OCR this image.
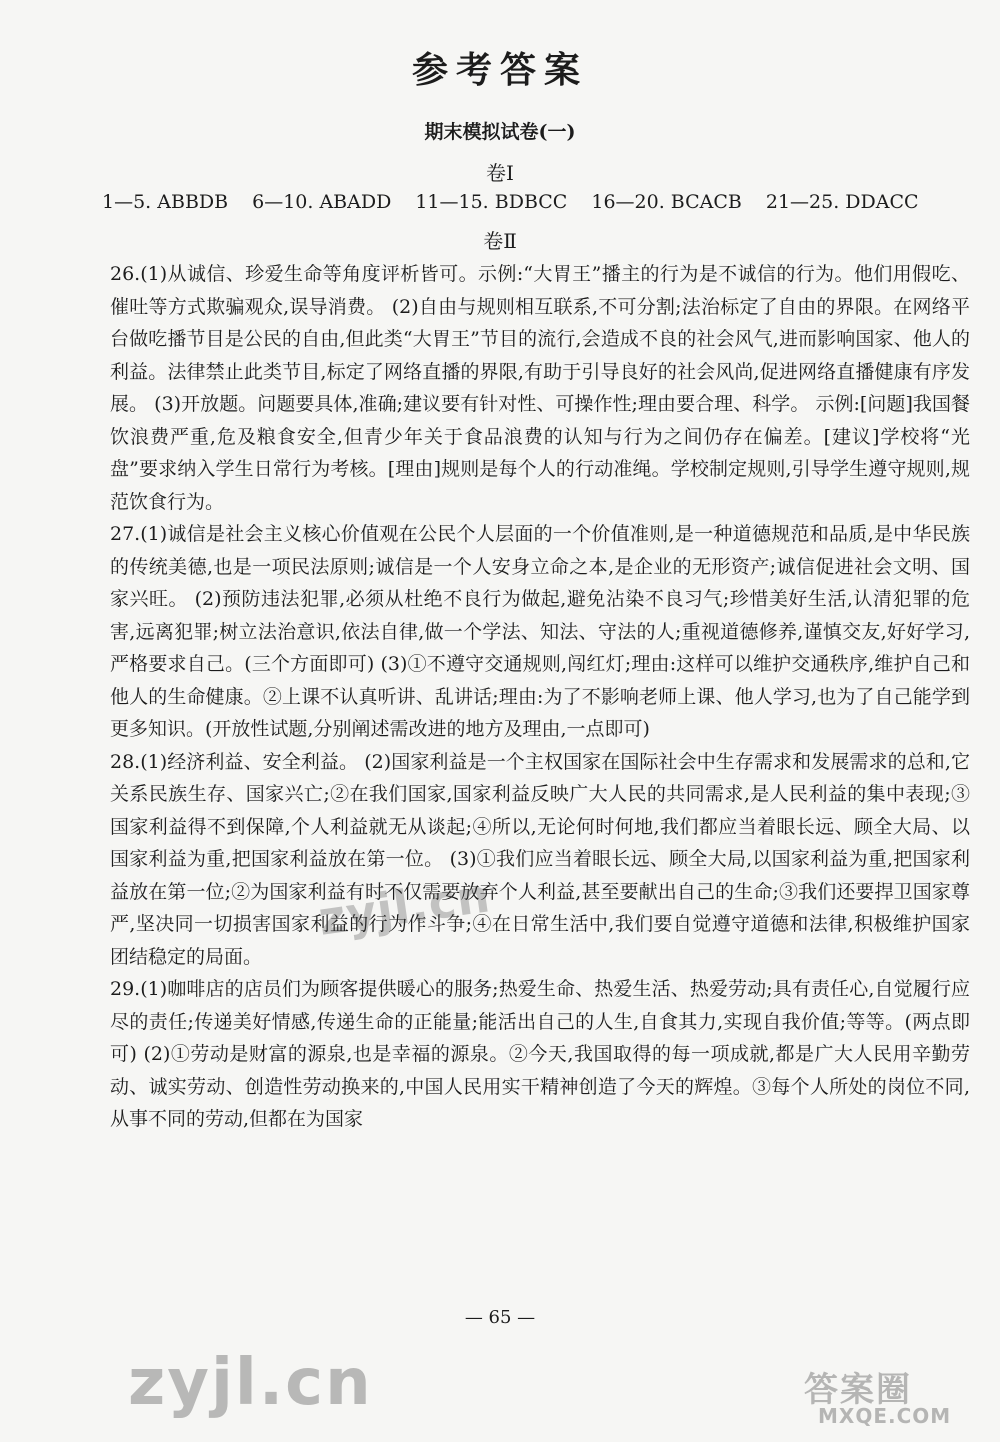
参考答案
期末模拟试卷(一)
卷Ⅰ
1—5. ABBDB 6—10. ABADD 11—15. BDBCC 16—20. BCACB 21—25. DDACC
卷Ⅱ

26.(1)从诚信、珍爱生命等角度评析皆可。示例:“大胃王”播主的行为是不诚信的行为。他们用假吃、催吐等方式欺骗观众,误导消费。 (2)自由与规则相互联系,不可分割;法治标定了自由的界限。在网络平台做吃播节目是公民的自由,但此类“大胃王”节目的流行,会造成不良的社会风气,进而影响国家、他人的利益。法律禁止此类节目,标定了网络直播的界限,有助于引导良好的社会风尚,促进网络直播健康有序发展。 (3)开放题。问题要具体,准确;建议要有针对性、可操作性;理由要合理、科学。 示例:[问题]我国餐饮浪费严重,危及粮食安全,但青少年关于食品浪费的认知与行为之间仍存在偏差。[建议]学校将“光盘”要求纳入学生日常行为考核。[理由]规则是每个人的行动准绳。学校制定规则,引导学生遵守规则,规范饮食行为。

27.(1)诚信是社会主义核心价值观在公民个人层面的一个价值准则,是一种道德规范和品质,是中华民族的传统美德,也是一项民法原则;诚信是一个人安身立命之本,是企业的无形资产;诚信促进社会文明、国家兴旺。 (2)预防违法犯罪,必须从杜绝不良行为做起,避免沾染不良习气;珍惜美好生活,认清犯罪的危害,远离犯罪;树立法治意识,依法自律,做一个学法、知法、守法的人;重视道德修养,谨慎交友,好好学习,严格要求自己。(三个方面即可) (3)①不遵守交通规则,闯红灯;理由:这样可以维护交通秩序,维护自己和他人的生命健康。②上课不认真听讲、乱讲话;理由:为了不影响老师上课、他人学习,也为了自己能学到更多知识。(开放性试题,分别阐述需改进的地方及理由,一点即可)

28.(1)经济利益、安全利益。 (2)国家利益是一个主权国家在国际社会中生存需求和发展需求的总和,它关系民族生存、国家兴亡;②在我们国家,国家利益反映广大人民的共同需求,是人民利益的集中表现;③国家利益得不到保障,个人利益就无从谈起;④所以,无论何时何地,我们都应当着眼长远、顾全大局、以国家利益为重,把国家利益放在第一位。 (3)①我们应当着眼长远、顾全大局,以国家利益为重,把国家利益放在第一位;②为国家利益有时不仅需要放弃个人利益,甚至要献出自己的生命;③我们还要捍卫国家尊严,坚决同一切损害国家利益的行为作斗争;④在日常生活中,我们要自觉遵守道德和法律,积极维护国家团结稳定的局面。

29.(1)咖啡店的店员们为顾客提供暖心的服务;热爱生命、热爱生活、热爱劳动;具有责任心,自觉履行应尽的责任;传递美好情感,传递生命的正能量;能活出自己的人生,自食其力,实现自我价值;等等。(两点即可) (2)①劳动是财富的源泉,也是幸福的源泉。②今天,我国取得的每一项成就,都是广大人民用辛勤劳动、诚实劳动、创造性劳动换来的,中国人民用实干精神创造了今天的辉煌。③每个人所处的岗位不同,从事不同的劳动,但都在为国家

— 65 —
zyjl.cn
zyjl.cn	答案圈
MXQE.COM
